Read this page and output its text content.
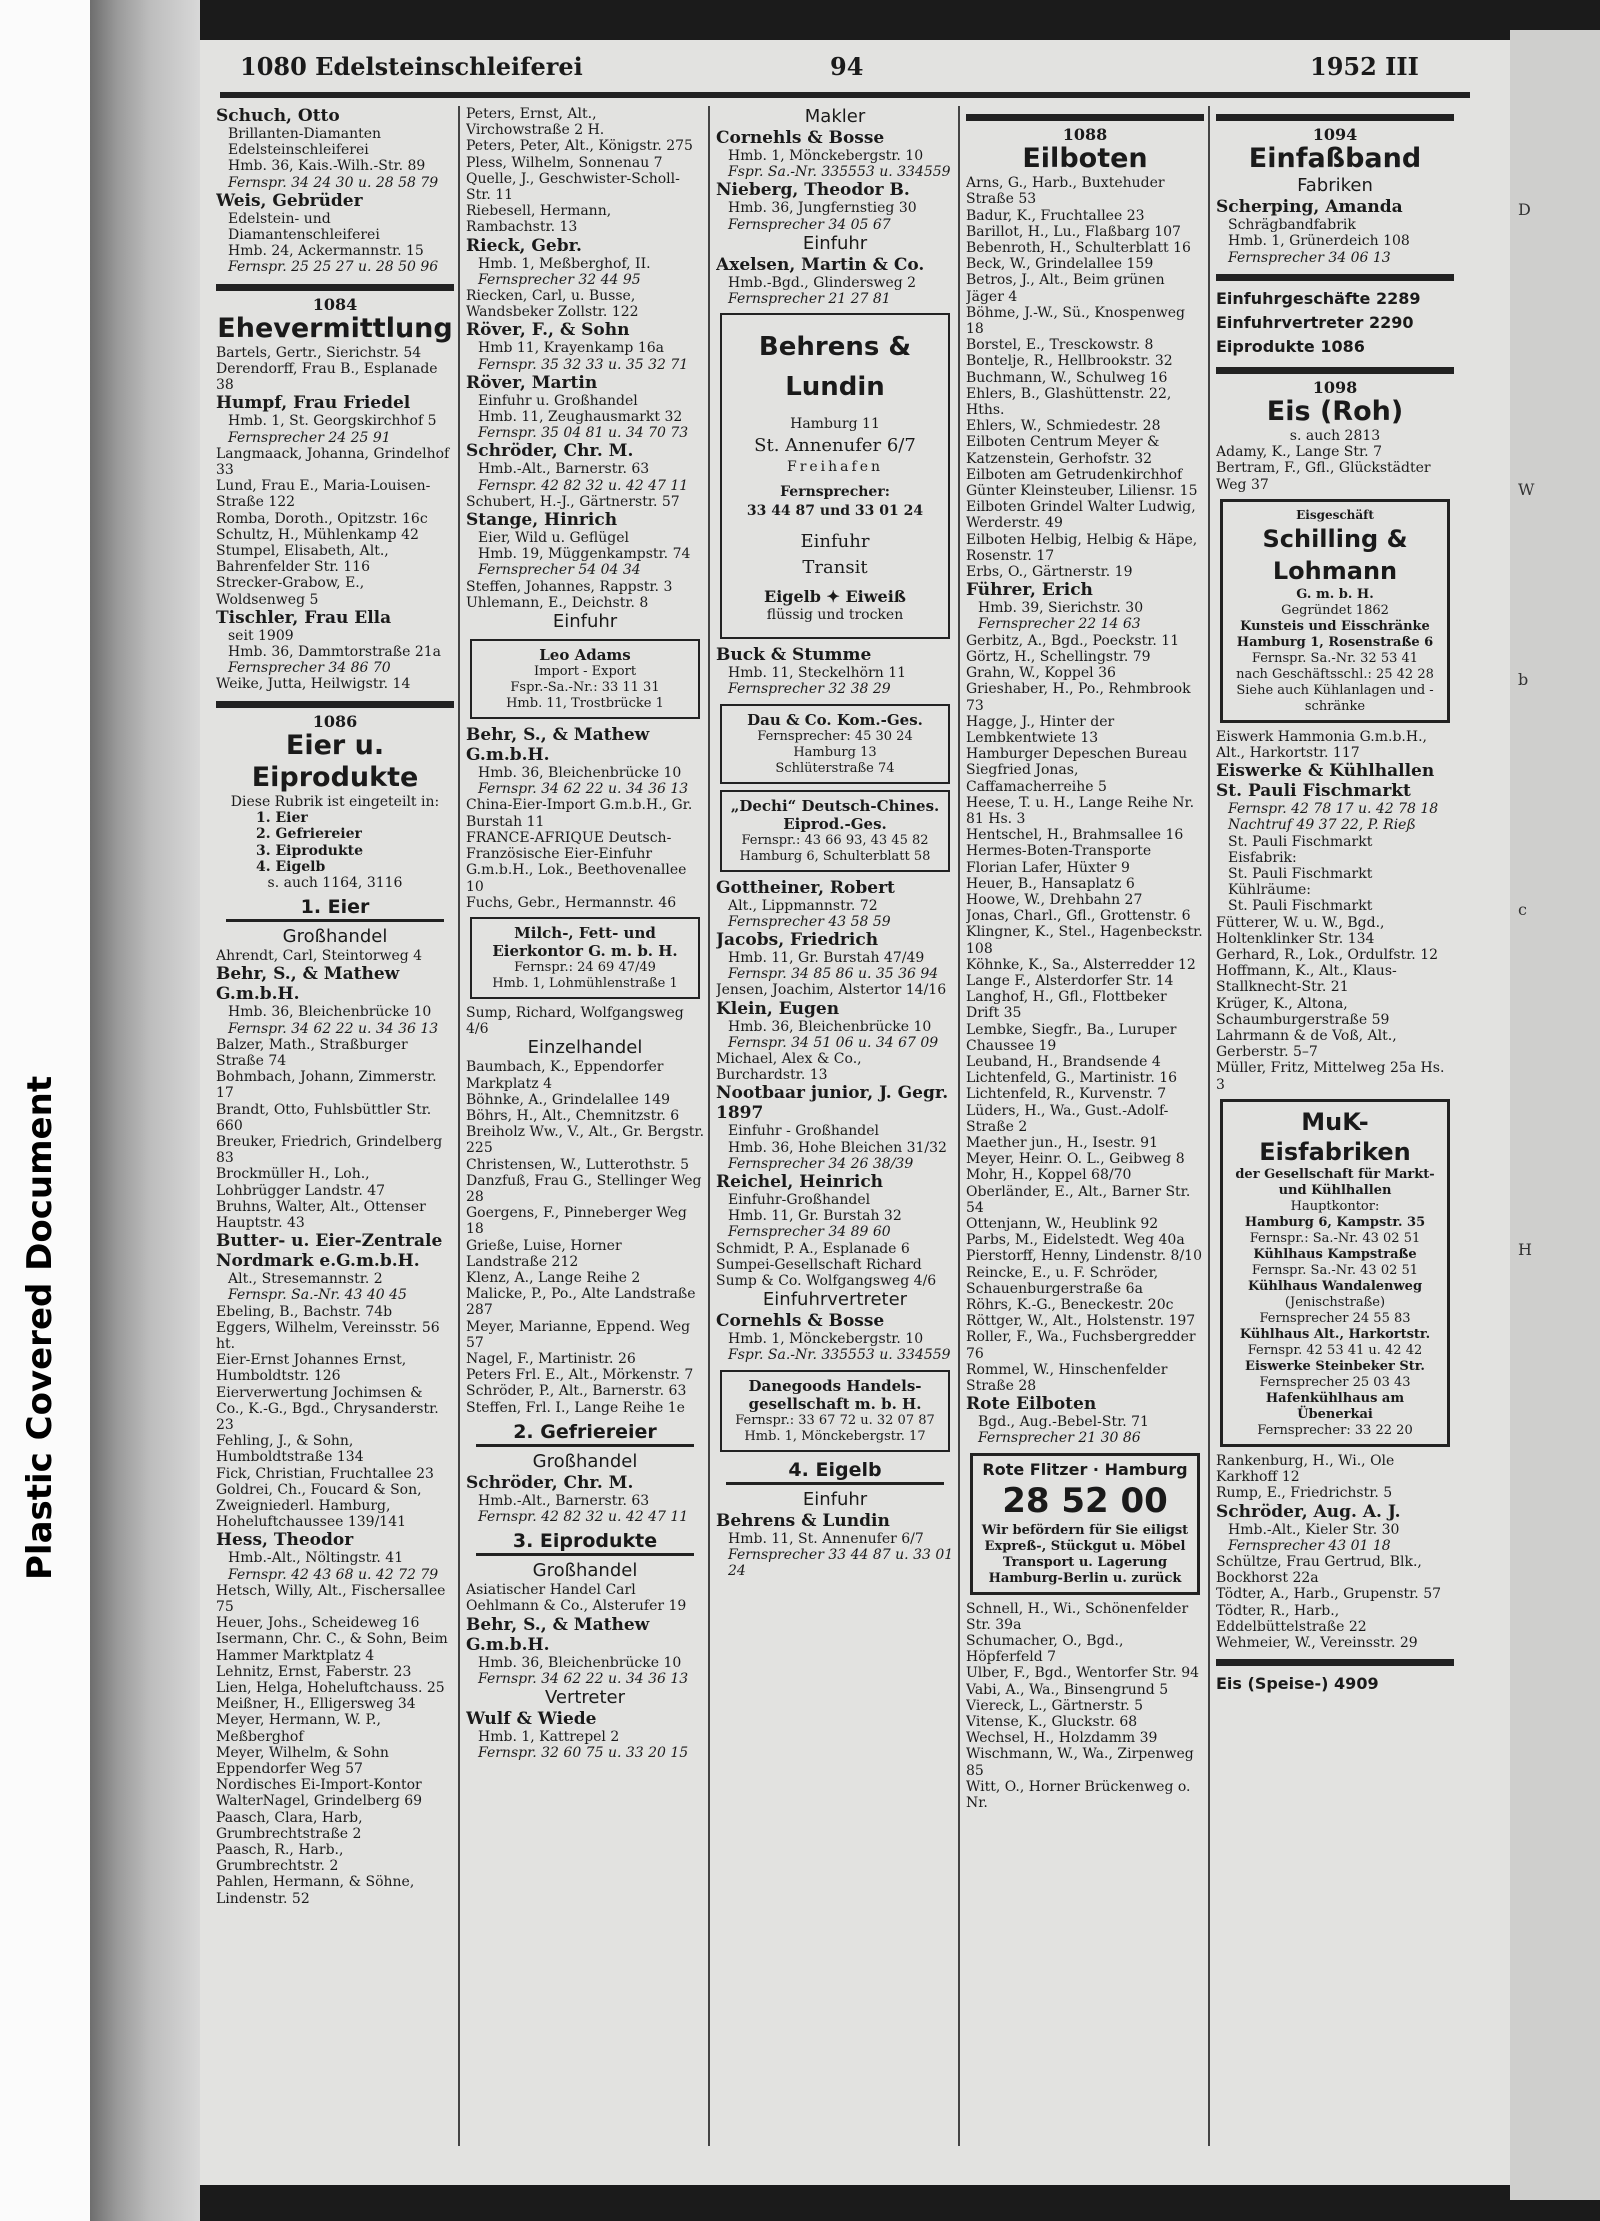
Plastic Covered Document
D
W
b
c
H
1080 Edelsteinschleiferei	94	1952 III
Schuch, Otto
Brillanten-Diamanten
Edelsteinschleiferei
Hmb. 36, Kais.-Wilh.-Str. 89
Fernspr. 34 24 30 u. 28 58 79
Weis, Gebrüder
Edelstein- und
Diamantenschleiferei
Hmb. 24, Ackermannstr. 15
Fernspr. 25 25 27 u. 28 50 96
1084
Ehevermittlung
Bartels, Gertr., Sierichstr. 54
Derendorff, Frau B., Esplanade 38
Humpf, Frau Friedel
Hmb. 1, St. Georgskirchhof 5
Fernsprecher 24 25 91
Langmaack, Johanna, Grindelhof 33
Lund, Frau E., Maria-Louisen-Straße 122
Romba, Doroth., Opitzstr. 16c
Schultz, H., Mühlenkamp 42
Stumpel, Elisabeth, Alt., Bahrenfelder Str. 116
Strecker-Grabow, E., Woldsenweg 5
Tischler, Frau Ella
seit 1909
Hmb. 36, Dammtorstraße 21a
Fernsprecher 34 86 70
Weike, Jutta, Heilwigstr. 14
1086
Eier u. Eiprodukte
Diese Rubrik ist eingeteilt in:
1. Eier
2. Gefriereier
3. Eiprodukte
4. Eigelb
s. auch 1164, 3116
1. Eier
Großhandel
Ahrendt, Carl, Steintorweg 4
Behr, S., & Mathew G.m.b.H.
Hmb. 36, Bleichenbrücke 10
Fernspr. 34 62 22 u. 34 36 13
Balzer, Math., Straßburger Straße 74
Bohmbach, Johann, Zimmerstr. 17
Brandt, Otto, Fuhlsbüttler Str. 660
Breuker, Friedrich, Grindelberg 83
Brockmüller H., Loh., Lohbrügger Landstr. 47
Bruhns, Walter, Alt., Ottenser Hauptstr. 43
Butter- u. Eier-Zentrale Nordmark e.G.m.b.H.
Alt., Stresemannstr. 2
Fernspr. Sa.-Nr. 43 40 45
Ebeling, B., Bachstr. 74b
Eggers, Wilhelm, Vereinsstr. 56 ht.
Eier-Ernst Johannes Ernst, Humboldtstr. 126
Eierverwertung Jochimsen & Co., K.-G., Bgd., Chrysanderstr. 23
Fehling, J., & Sohn, Humboldtstraße 134
Fick, Christian, Fruchtallee 23
Goldrei, Ch., Foucard & Son, Zweigniederl. Hamburg, Hoheluftchaussee 139/141
Hess, Theodor
Hmb.-Alt., Nöltingstr. 41
Fernspr. 42 43 68 u. 42 72 79
Hetsch, Willy, Alt., Fischersallee 75
Heuer, Johs., Scheideweg 16
Isermann, Chr. C., & Sohn, Beim Hammer Marktplatz 4
Lehnitz, Ernst, Faberstr. 23
Lien, Helga, Hoheluftchauss. 25
Meißner, H., Elligersweg 34
Meyer, Hermann, W. P., Meßberghof
Meyer, Wilhelm, & Sohn Eppendorfer Weg 57
Nordisches Ei-Import-Kontor WalterNagel, Grindelberg 69
Paasch, Clara, Harb, Grumbrechtstraße 2
Paasch, R., Harb., Grumbrechtstr. 2
Pahlen, Hermann, & Söhne, Lindenstr. 52
Peters, Ernst, Alt., Virchowstraße 2 H.
Peters, Peter, Alt., Königstr. 275
Pless, Wilhelm, Sonnenau 7
Quelle, J., Geschwister-Scholl-Str. 11
Riebesell, Hermann, Rambachstr. 13
Rieck, Gebr.
Hmb. 1, Meßberghof, II.
Fernsprecher 32 44 95
Riecken, Carl, u. Busse, Wandsbeker Zollstr. 122
Röver, F., & Sohn
Hmb 11, Krayenkamp 16a
Fernspr. 35 32 33 u. 35 32 71
Röver, Martin
Einfuhr u. Großhandel
Hmb. 11, Zeughausmarkt 32
Fernspr. 35 04 81 u. 34 70 73
Schröder, Chr. M.
Hmb.-Alt., Barnerstr. 63
Fernspr. 42 82 32 u. 42 47 11
Schubert, H.-J., Gärtnerstr. 57
Stange, Hinrich
Eier, Wild u. Geflügel
Hmb. 19, Müggenkampstr. 74
Fernsprecher 54 04 34
Steffen, Johannes, Rappstr. 3
Uhlemann, E., Deichstr. 8
Einfuhr
Leo Adams
Import - Export
Fspr.-Sa.-Nr.: 33 11 31
Hmb. 11, Trostbrücke 1
Behr, S., & Mathew G.m.b.H.
Hmb. 36, Bleichenbrücke 10
Fernspr. 34 62 22 u. 34 36 13
China-Eier-Import G.m.b.H., Gr. Burstah 11
FRANCE-AFRIQUE Deutsch-Französische Eier-Einfuhr G.m.b.H., Lok., Beethovenallee 10
Fuchs, Gebr., Hermannstr. 46
Milch-, Fett- und Eierkontor G. m. b. H.
Fernspr.: 24 69 47/49
Hmb. 1, Lohmühlenstraße 1
Sump, Richard, Wolfgangsweg 4/6
Einzelhandel
Baumbach, K., Eppendorfer Markplatz 4
Böhnke, A., Grindelallee 149
Böhrs, H., Alt., Chemnitzstr. 6
Breiholz Ww., V., Alt., Gr. Bergstr. 225
Christensen, W., Lutterothstr. 5
Danzfuß, Frau G., Stellinger Weg 28
Goergens, F., Pinneberger Weg 18
Grieße, Luise, Horner Landstraße 212
Klenz, A., Lange Reihe 2
Malicke, P., Po., Alte Landstraße 287
Meyer, Marianne, Eppend. Weg 57
Nagel, F., Martinistr. 26
Peters Frl. E., Alt., Mörkenstr. 7
Schröder, P., Alt., Barnerstr. 63
Steffen, Frl. I., Lange Reihe 1e
2. Gefriereier
Großhandel
Schröder, Chr. M.
Hmb.-Alt., Barnerstr. 63
Fernspr. 42 82 32 u. 42 47 11
3. Eiprodukte
Großhandel
Asiatischer Handel Carl Oehlmann & Co., Alsterufer 19
Behr, S., & Mathew G.m.b.H.
Hmb. 36, Bleichenbrücke 10
Fernspr. 34 62 22 u. 34 36 13
Vertreter
Wulf & Wiede
Hmb. 1, Kattrepel 2
Fernspr. 32 60 75 u. 33 20 15
Makler
Cornehls & Bosse
Hmb. 1, Mönckebergstr. 10
Fspr. Sa.-Nr. 335553 u. 334559
Nieberg, Theodor B.
Hmb. 36, Jungfernstieg 30
Fernsprecher 34 05 67
Einfuhr
Axelsen, Martin & Co.
Hmb.-Bgd., Glindersweg 2
Fernsprecher 21 27 81
Behrens & Lundin
Hamburg 11
St. Annenufer 6/7
Freihafen
Fernsprecher:
33 44 87 und 33 01 24
Einfuhr
Transit
Eigelb ✦ Eiweiß
flüssig und trocken
Buck & Stumme
Hmb. 11, Steckelhörn 11
Fernsprecher 32 38 29
Dau & Co. Kom.-Ges.
Fernsprecher: 45 30 24
Hamburg 13
Schlüterstraße 74
„Dechi“ Deutsch-Chines. Eiprod.-Ges.
Fernspr.: 43 66 93, 43 45 82
Hamburg 6, Schulterblatt 58
Gottheiner, Robert
Alt., Lippmannstr. 72
Fernsprecher 43 58 59
Jacobs, Friedrich
Hmb. 11, Gr. Burstah 47/49
Fernspr. 34 85 86 u. 35 36 94
Jensen, Joachim, Alstertor 14/16
Klein, Eugen
Hmb. 36, Bleichenbrücke 10
Fernspr. 34 51 06 u. 34 67 09
Michael, Alex & Co., Burchardstr. 13
Nootbaar junior, J. Gegr. 1897
Einfuhr - Großhandel
Hmb. 36, Hohe Bleichen 31/32
Fernsprecher 34 26 38/39
Reichel, Heinrich
Einfuhr-Großhandel
Hmb. 11, Gr. Burstah 32
Fernsprecher 34 89 60
Schmidt, P. A., Esplanade 6
Sumpei-Gesellschaft Richard Sump & Co. Wolfgangsweg 4/6
Einfuhrvertreter
Cornehls & Bosse
Hmb. 1, Mönckebergstr. 10
Fspr. Sa.-Nr. 335553 u. 334559
Danegoods Handels-gesellschaft m. b. H.
Fernspr.: 33 67 72 u. 32 07 87
Hmb. 1, Mönckebergstr. 17
4. Eigelb
Einfuhr
Behrens & Lundin
Hmb. 11, St. Annenufer 6/7
Fernsprecher 33 44 87 u. 33 01 24
1088
Eilboten
Arns, G., Harb., Buxtehuder Straße 53
Badur, K., Fruchtallee 23
Barillot, H., Lu., Flaßbarg 107
Bebenroth, H., Schulterblatt 16
Beck, W., Grindelallee 159
Betros, J., Alt., Beim grünen Jäger 4
Böhme, J.-W., Sü., Knospenweg 18
Borstel, E., Tresckowstr. 8
Bontelje, R., Hellbrookstr. 32
Buchmann, W., Schulweg 16
Ehlers, B., Glashüttenstr. 22, Hths.
Ehlers, W., Schmiedestr. 28
Eilboten Centrum Meyer & Katzenstein, Gerhofstr. 32
Eilboten am Getrudenkirchhof Günter Kleinsteuber, Liliensr. 15
Eilboten Grindel Walter Ludwig, Werderstr. 49
Eilboten Helbig, Helbig & Häpe, Rosenstr. 17
Erbs, O., Gärtnerstr. 19
Führer, Erich
Hmb. 39, Sierichstr. 30
Fernsprecher 22 14 63
Gerbitz, A., Bgd., Poeckstr. 11
Görtz, H., Schellingstr. 79
Grahn, W., Koppel 36
Grieshaber, H., Po., Rehmbrook 73
Hagge, J., Hinter der Lembkentwiete 13
Hamburger Depeschen Bureau Siegfried Jonas, Caffamacherreihe 5
Heese, T. u. H., Lange Reihe Nr. 81 Hs. 3
Hentschel, H., Brahmsallee 16
Hermes-Boten-Transporte Florian Lafer, Hüxter 9
Heuer, B., Hansaplatz 6
Hoowe, W., Drehbahn 27
Jonas, Charl., Gfl., Grottenstr. 6
Klingner, K., Stel., Hagenbeckstr. 108
Köhnke, K., Sa., Alsterredder 12
Lange F., Alsterdorfer Str. 14
Langhof, H., Gfl., Flottbeker Drift 35
Lembke, Siegfr., Ba., Luruper Chaussee 19
Leuband, H., Brandsende 4
Lichtenfeld, G., Martinistr. 16
Lichtenfeld, R., Kurvenstr. 7
Lüders, H., Wa., Gust.-Adolf-Straße 2
Maether jun., H., Isestr. 91
Meyer, Heinr. O. L., Geibweg 8
Mohr, H., Koppel 68/70
Oberländer, E., Alt., Barner Str. 54
Ottenjann, W., Heublink 92
Parbs, M., Eidelstedt. Weg 40a
Pierstorff, Henny, Lindenstr. 8/10
Reincke, E., u. F. Schröder, Schauenburgerstraße 6a
Röhrs, K.-G., Beneckestr. 20c
Röttger, W., Alt., Holstenstr. 197
Roller, F., Wa., Fuchsbergredder 76
Rommel, W., Hinschenfelder Straße 28
Rote Eilboten
Bgd., Aug.-Bebel-Str. 71
Fernsprecher 21 30 86
Rote Flitzer · Hamburg
28 52 00
Wir befördern für Sie eiligst
Expreß-, Stückgut u. Möbel
Transport u. Lagerung
Hamburg-Berlin u. zurück
Schnell, H., Wi., Schönenfelder Str. 39a
Schumacher, O., Bgd., Höpferfeld 7
Ulber, F., Bgd., Wentorfer Str. 94
Vabi, A., Wa., Binsengrund 5
Viereck, L., Gärtnerstr. 5
Vitense, K., Gluckstr. 68
Wechsel, H., Holzdamm 39
Wischmann, W., Wa., Zirpenweg 85
Witt, O., Horner Brückenweg o. Nr.
1094
Einfaßband
Fabriken
Scherping, Amanda
Schrägbandfabrik
Hmb. 1, Grünerdeich 108
Fernsprecher 34 06 13
Einfuhrgeschäfte 2289
Einfuhrvertreter 2290
Eiprodukte 1086
1098
Eis (Roh)
s. auch 2813
Adamy, K., Lange Str. 7
Bertram, F., Gfl., Glückstädter Weg 37
Eisgeschäft
Schilling & Lohmann
G. m. b. H.
Gegründet 1862
Kunsteis und Eisschränke
Hamburg 1, Rosenstraße 6
Fernspr. Sa.-Nr. 32 53 41
nach Geschäftsschl.: 25 42 28
Siehe auch Kühlanlagen und -schränke
Eiswerk Hammonia G.m.b.H., Alt., Harkortstr. 117
Eiswerke & Kühlhallen St. Pauli Fischmarkt
Fernspr. 42 78 17 u. 42 78 18
Nachtruf 49 37 22, P. Rieß
St. Pauli Fischmarkt
Eisfabrik:
St. Pauli Fischmarkt
Kühlräume:
St. Pauli Fischmarkt
Fütterer, W. u. W., Bgd., Holtenklinker Str. 134
Gerhard, R., Lok., Ordulfstr. 12
Hoffmann, K., Alt., Klaus-Stallknecht-Str. 21
Krüger, K., Altona, Schaumburgerstraße 59
Lahrmann & de Voß, Alt., Gerberstr. 5–7
Müller, Fritz, Mittelweg 25a Hs. 3
MuK-Eisfabriken
der Gesellschaft für Markt- und Kühlhallen
Hauptkontor:
Hamburg 6, Kampstr. 35
Fernspr.: Sa.-Nr. 43 02 51
Kühlhaus Kampstraße
Fernspr. Sa.-Nr. 43 02 51
Kühlhaus Wandalenweg
(Jenischstraße)
Fernsprecher 24 55 83
Kühlhaus Alt., Harkortstr.
Fernspr. 42 53 41 u. 42 42
Eiswerke Steinbeker Str.
Fernsprecher 25 03 43
Hafenkühlhaus am Übenerkai
Fernsprecher: 33 22 20
Rankenburg, H., Wi., Ole Karkhoff 12
Rump, E., Friedrichstr. 5
Schröder, Aug. A. J.
Hmb.-Alt., Kieler Str. 30
Fernsprecher 43 01 18
Schültze, Frau Gertrud, Blk., Bockhorst 22a
Tödter, A., Harb., Grupenstr. 57
Tödter, R., Harb., Eddelbüttelstraße 22
Wehmeier, W., Vereinsstr. 29
Eis (Speise-) 4909
